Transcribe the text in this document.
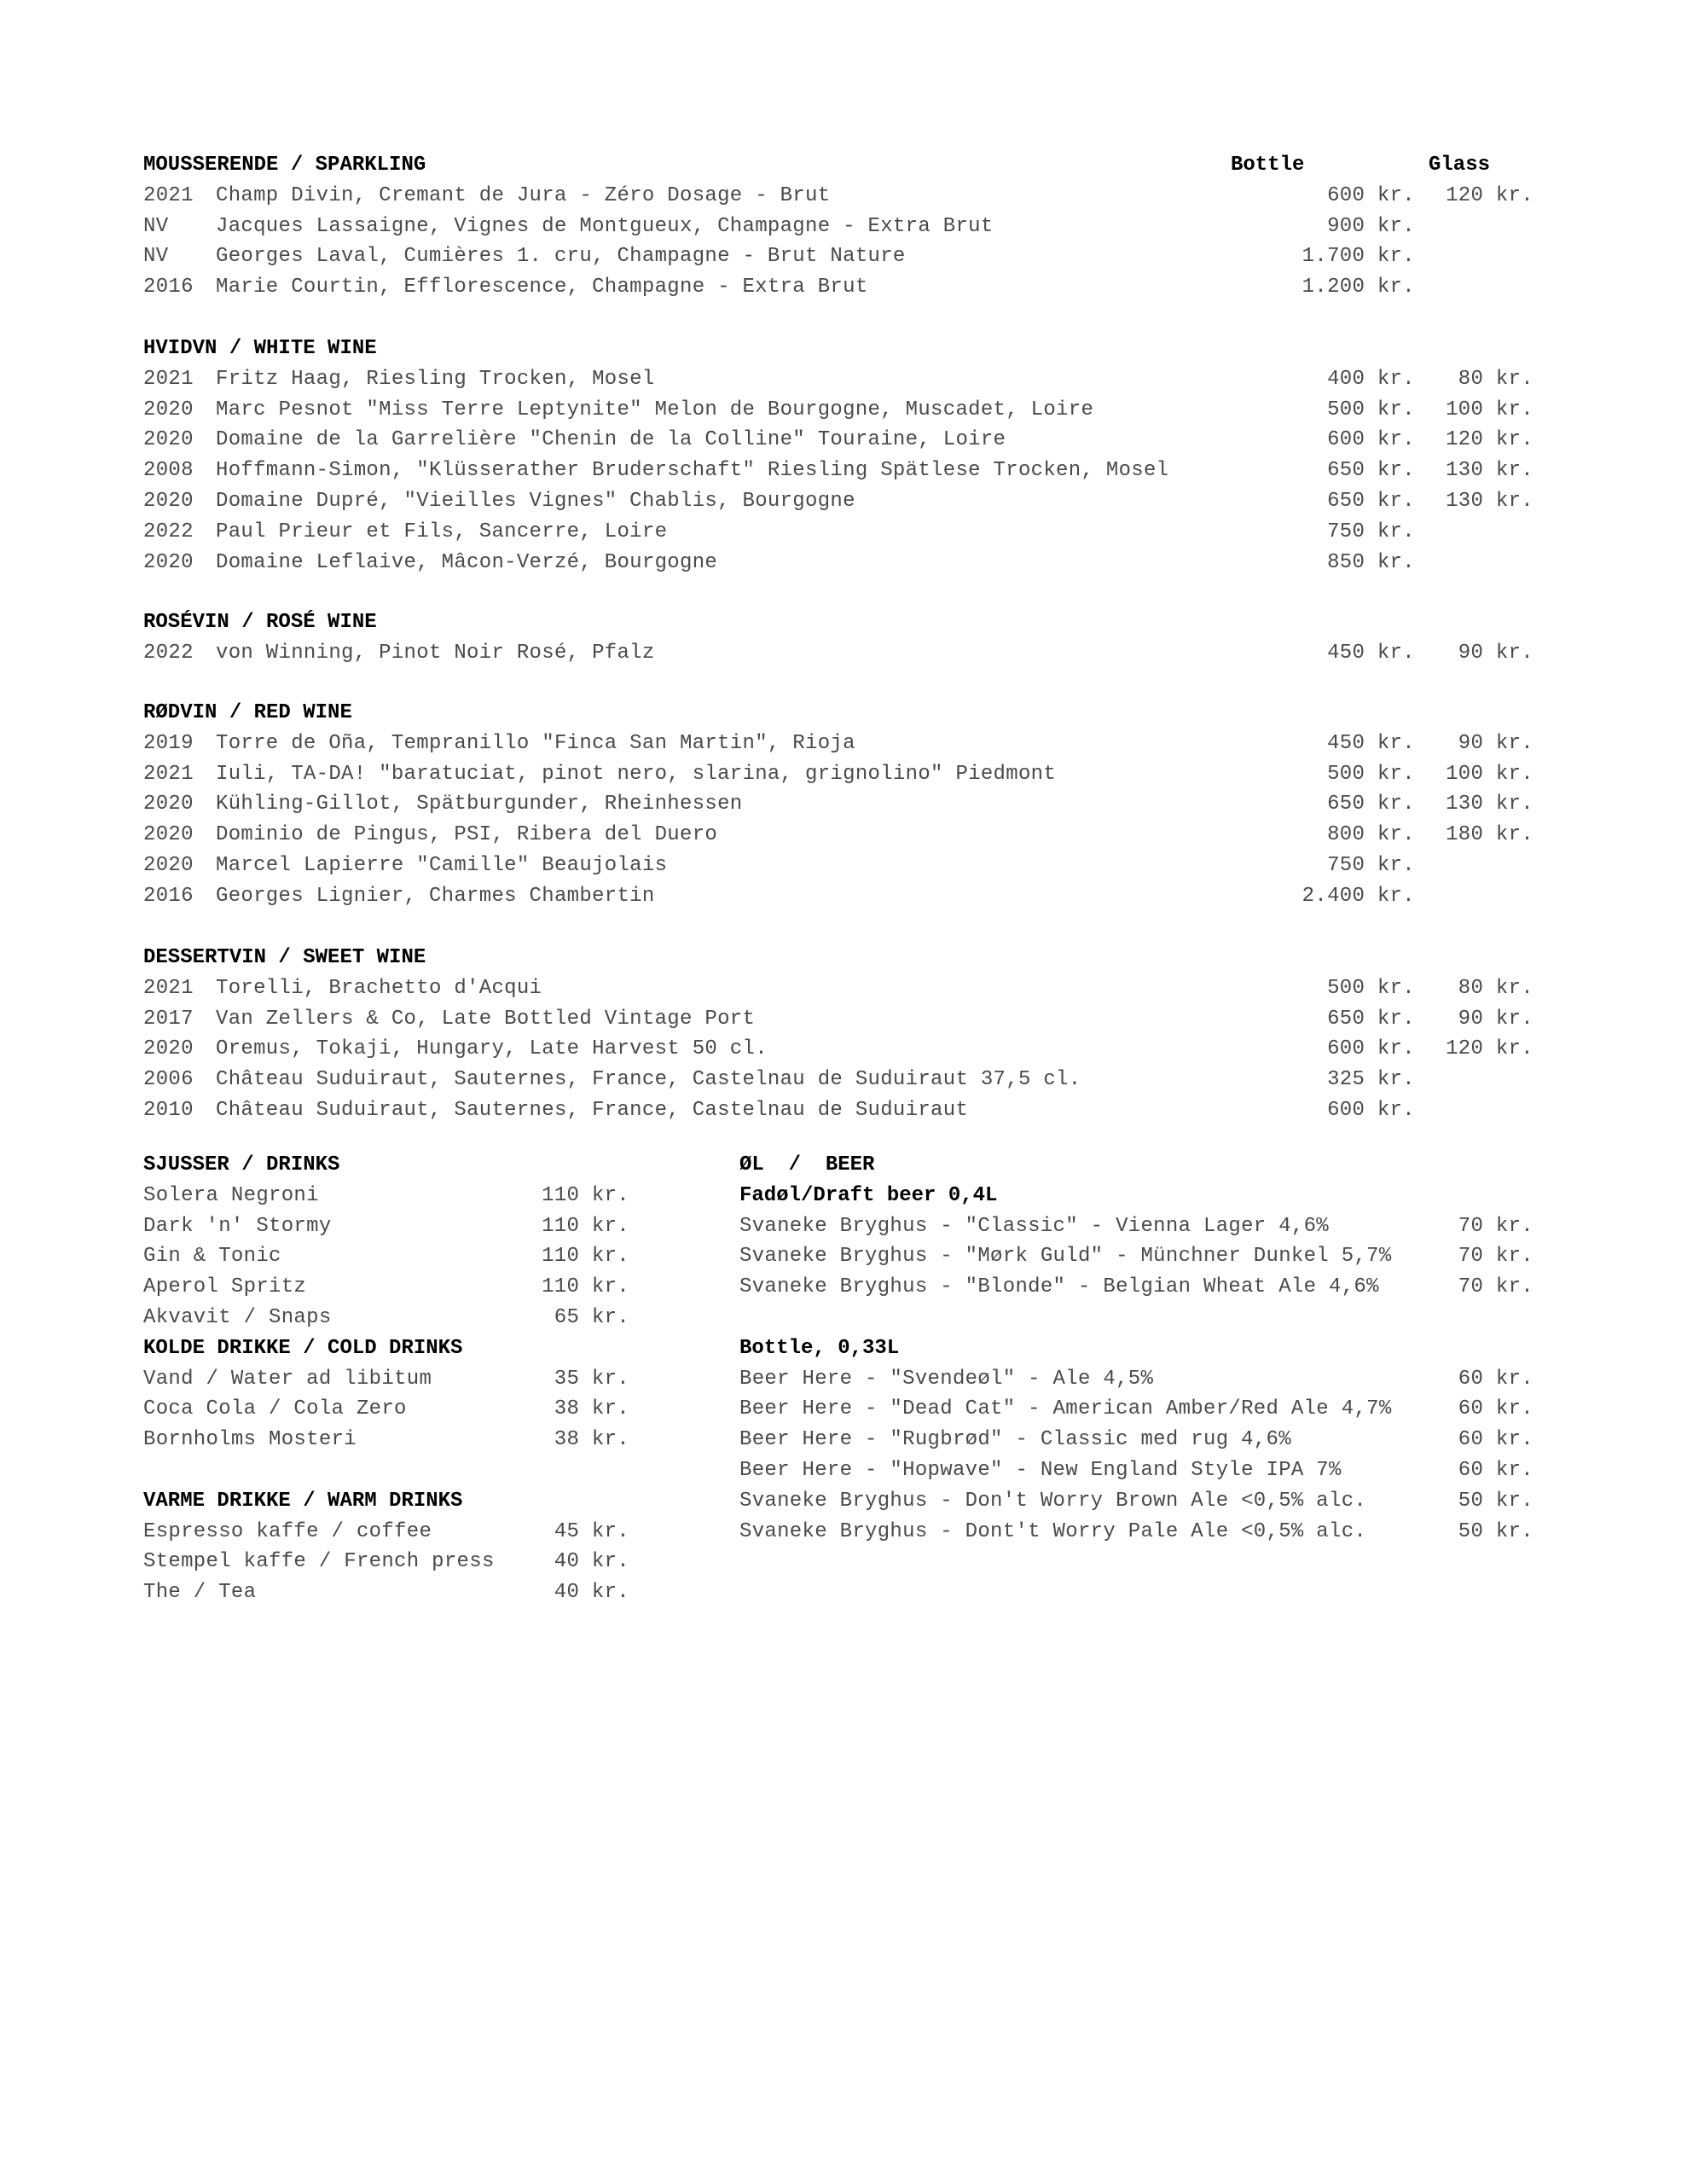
Bottle	Glass
MOUSSERENDE / SPARKLING
2021 Champ Divin, Cremant de Jura - Zéro Dosage - Brut	600 kr. 120 kr.
NV Jacques Lassaigne, Vignes de Montgueux, Champagne - Extra Brut	900 kr.
NV Georges Laval, Cumières 1. cru, Champagne - Brut Nature	1.700 kr.
2016 Marie Courtin, Efflorescence, Champagne - Extra Brut	1.200 kr.
HVIDVN / WHITE WINE
2021 Fritz Haag, Riesling Trocken, Mosel	400 kr. 80 kr.
2020 Marc Pesnot "Miss Terre Leptynite" Melon de Bourgogne, Muscadet, Loire	500 kr. 100 kr.
2020 Domaine de la Garrelière "Chenin de la Colline" Touraine, Loire	600 kr. 120 kr.
2008 Hoffmann-Simon, "Klüsserather Bruderschaft" Riesling Spätlese Trocken, Mosel	650 kr. 130 kr.
2020 Domaine Dupré, "Vieilles Vignes" Chablis, Bourgogne	650 kr. 130 kr.
2022 Paul Prieur et Fils, Sancerre, Loire	750 kr.
2020 Domaine Leflaive, Mâcon-Verzé, Bourgogne	850 kr.
ROSÉVIN / ROSÉ WINE
2022 von Winning, Pinot Noir Rosé, Pfalz	450 kr. 90 kr.
RØDVIN / RED WINE
2019 Torre de Oña, Tempranillo "Finca San Martin", Rioja	450 kr. 90 kr.
2021 Iuli, TA-DA! "baratuciat, pinot nero, slarina, grignolino" Piedmont	500 kr. 100 kr.
2020 Kühling-Gillot, Spätburgunder, Rheinhessen	650 kr. 130 kr.
2020 Dominio de Pingus, PSI, Ribera del Duero	800 kr. 180 kr.
2020 Marcel Lapierre "Camille" Beaujolais	750 kr.
2016 Georges Lignier, Charmes Chambertin	2.400 kr.
DESSERTVIN / SWEET WINE
2021 Torelli, Brachetto d'Acqui	500 kr. 80 kr.
2017 Van Zellers & Co, Late Bottled Vintage Port	650 kr. 90 kr.
2020 Oremus, Tokaji, Hungary, Late Harvest 50 cl.	600 kr. 120 kr.
2006 Château Suduiraut, Sauternes, France, Castelnau de Suduiraut 37,5 cl.	325 kr.
2010 Château Suduiraut, Sauternes, France, Castelnau de Suduiraut	600 kr.
SJUSSER / DRINKS
Solera Negroni	110 kr.
Dark 'n' Stormy	110 kr.
Gin & Tonic	110 kr.
Aperol Spritz	110 kr.
Akvavit / Snaps	65 kr.
KOLDE DRIKKE / COLD DRINKS
Vand / Water ad libitum	35 kr.
Coca Cola / Cola Zero	38 kr.
Bornholms Mosteri	38 kr.
VARME DRIKKE / WARM DRINKS
Espresso kaffe / coffee	45 kr.
Stempel kaffe / French press	40 kr.
The / Tea	40 kr.
ØL  /  BEER
Fadøl/Draft beer 0,4L
Svaneke Bryghus - "Classic" - Vienna Lager 4,6%	70 kr.
Svaneke Bryghus - "Mørk Guld" - Münchner Dunkel 5,7%	70 kr.
Svaneke Bryghus - "Blonde" - Belgian Wheat Ale 4,6%	70 kr.
Bottle, 0,33L
Beer Here - "Svendeøl" - Ale 4,5%	60 kr.
Beer Here - "Dead Cat" - American Amber/Red Ale 4,7%	60 kr.
Beer Here - "Rugbrød" - Classic med rug 4,6%	60 kr.
Beer Here - "Hopwave" - New England Style IPA 7%	60 kr.
Svaneke Bryghus - Don't Worry Brown Ale <0,5% alc.	50 kr.
Svaneke Bryghus - Dont't Worry Pale Ale <0,5% alc.	50 kr.
